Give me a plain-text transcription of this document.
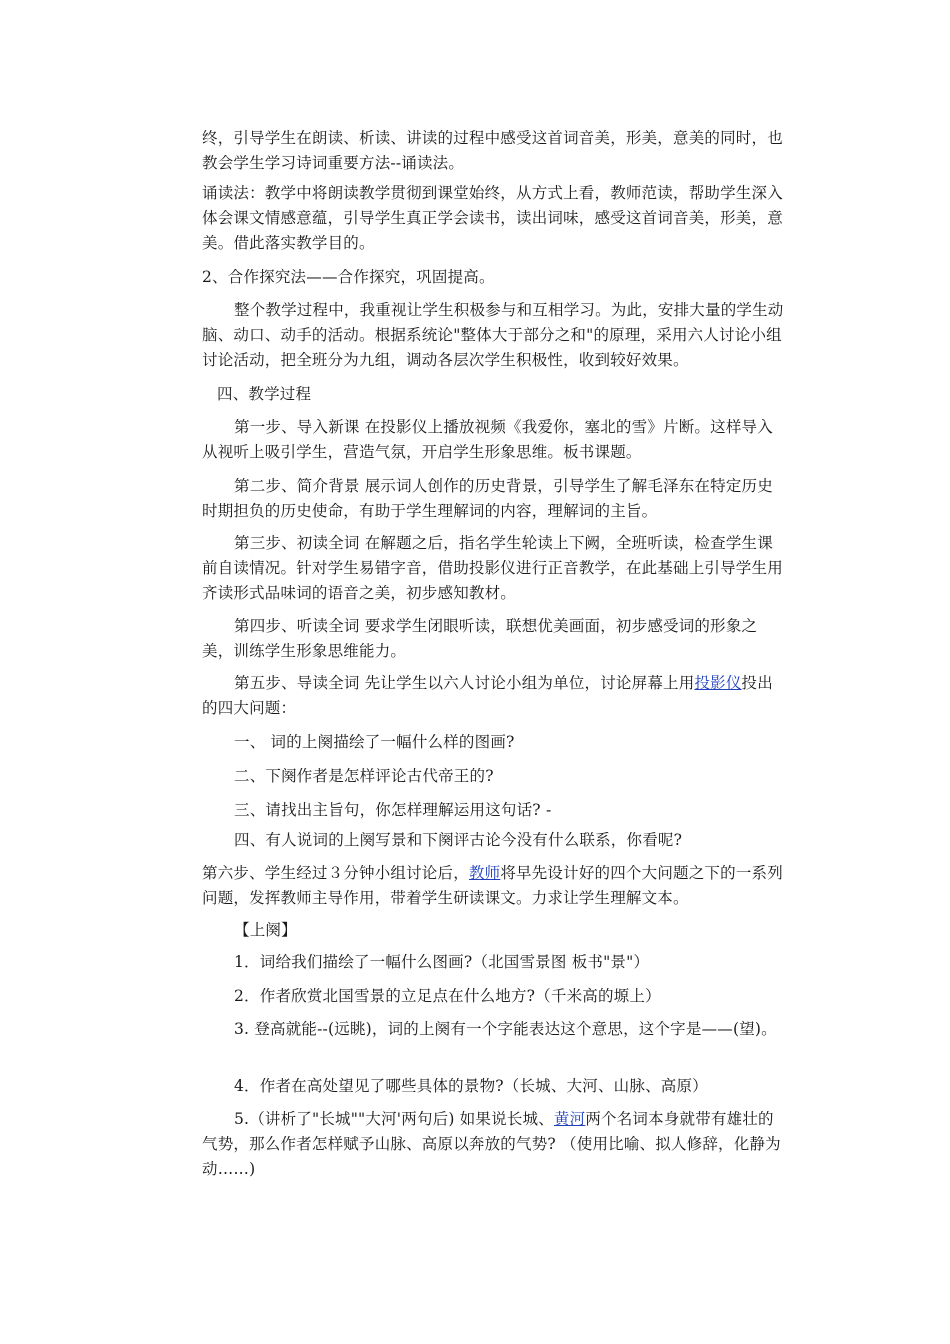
终，引导学生在朗读、析读、讲读的过程中感受这首词音美，形美，意美的同时，也教会学生学习诗词重要方法--诵读法。

诵读法：教学中将朗读教学贯彻到课堂始终，从方式上看，教师范读，帮助学生深入体会课文情感意蕴，引导学生真正学会读书，读出词味，感受这首词音美，形美，意美。借此落实教学目的。

2、合作探究法——合作探究，巩固提高。

整个教学过程中，我重视让学生积极参与和互相学习。为此，安排大量的学生动脑、动口、动手的活动。根据系统论"整体大于部分之和"的原理，采用六人讨论小组讨论活动，把全班分为九组，调动各层次学生积极性，收到较好效果。

四、教学过程

第一步、导入新课 在投影仪上播放视频《我爱你，塞北的雪》片断。这样导入从视听上吸引学生，营造气氛，开启学生形象思维。板书课题。

第二步、简介背景 展示词人创作的历史背景，引导学生了解毛泽东在特定历史时期担负的历史使命，有助于学生理解词的内容，理解词的主旨。

第三步、初读全词 在解题之后，指名学生轮读上下阙，全班听读，检查学生课前自读情况。针对学生易错字音，借助投影仪进行正音教学，在此基础上引导学生用齐读形式品味词的语音之美，初步感知教材。

第四步、听读全词 要求学生闭眼听读，联想优美画面，初步感受词的形象之美，训练学生形象思维能力。

第五步、导读全词 先让学生以六人讨论小组为单位，讨论屏幕上用投影仪投出的四大问题：

一、 词的上阕描绘了一幅什么样的图画?

二、下阕作者是怎样评论古代帝王的?

三、请找出主旨句，你怎样理解运用这句话? -

四、有人说词的上阕写景和下阕评古论今没有什么联系，你看呢?

第六步、学生经过３分钟小组讨论后，教师将早先设计好的四个大问题之下的一系列问题，发挥教师主导作用，带着学生研读课文。力求让学生理解文本。

【上阕】

1．词给我们描绘了一幅什么图画?（北国雪景图 板书"景"）

2．作者欣赏北国雪景的立足点在什么地方?（千米高的塬上）

3. 登高就能--(远眺)，词的上阕有一个字能表达这个意思，这个字是——(望)。

4．作者在高处望见了哪些具体的景物?（长城、大河、山脉、高原）

5.（讲析了"长城""大河'两句后) 如果说长城、黄河两个名词本身就带有雄壮的气势，那么作者怎样赋予山脉、高原以奔放的气势? （使用比喻、拟人修辞，化静为动……)
